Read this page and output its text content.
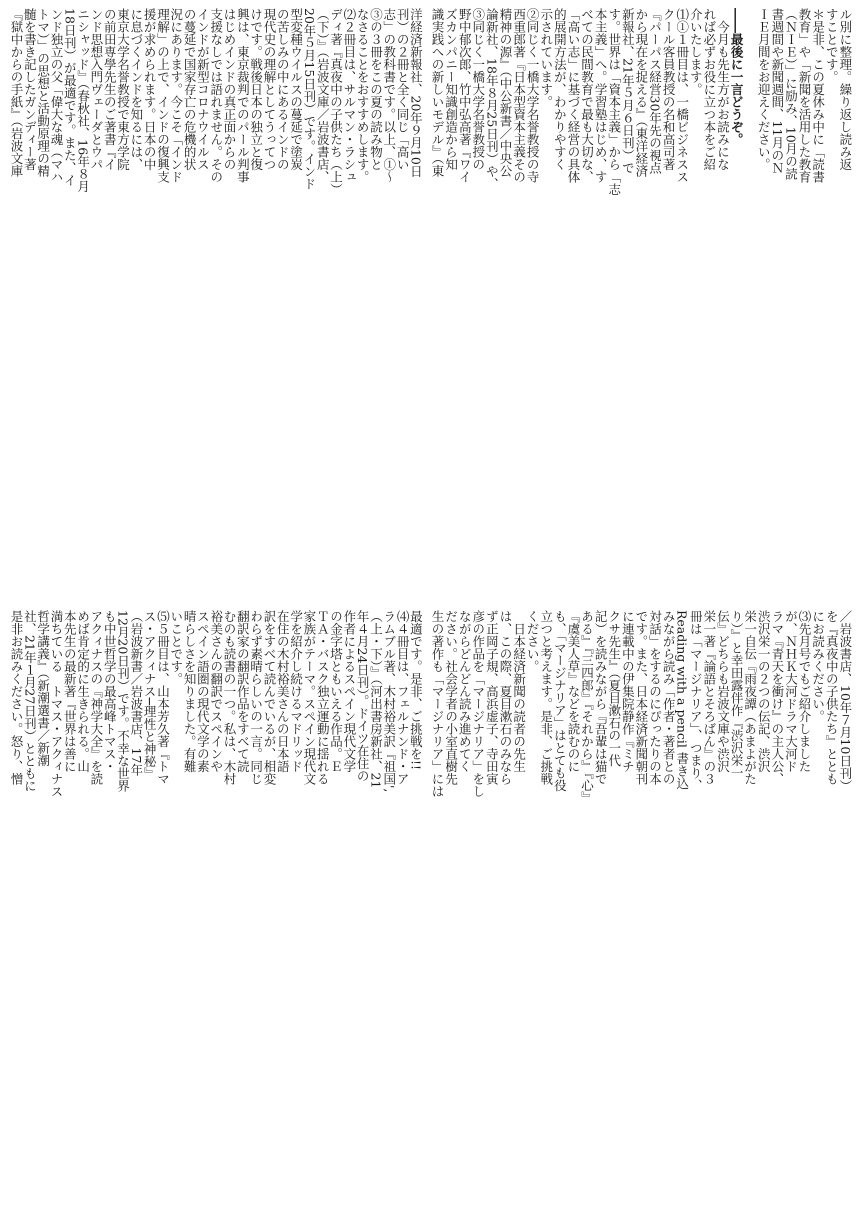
ル別に整理。繰り返し読み返
すことです。
＊是非、この夏休み中に「読書
教育」や「新聞を活用した教育
（ＮＩＥ）」に励み、10月の読
書週間や新聞週間、11月のＮ
ＩＥ月間をお迎えください。
――最後に一言どうぞ。
　今月も先生方がお読みにな
れば必ずお役に立つ本をご紹
介いたします。
⑴①１冊目は、一橋ビジネスス
クール客員教授の名和高司著
『パーパス経営30年先の視点
から現在を捉える』（東洋経済
新報社、21年５月６日刊）で
す。世界は「資本主義」から「志
本主義」へ。学習塾はじめ、す
べての民間教育で最も大切な、
「高い志」に基づく経営の具体
的展開方法が、わかりやすく
示されています。
②同じく一橋大学名誉教授の寺
西重郎著『日本型資本主義その
精神の源』（中公新書／中央公
論新社、18年８月25日刊）や、
③同じく一橋大学名誉教授の
野中郁次郎、竹中弘高著『ワイ
ズカンパニー知識創造から知
識実践への新しいモデル』（東
洋経済新報社、20年９月10日
刊）の２冊と全く同じ「高い
志」の教科書です。以上、①～
③の３冊をこの夏の読み物と
なさることをおすすめします。
⑵２冊目は、サルマン・ラシュ
ディ著『真夜中の子供たち（上）
（下）』（岩波文庫／岩波書店、
20年５月15日刊）です。インド
型変種ウイルスの蔓延で塗炭
の苦しみの中にあるインドの
現代史の理解としてうってつ
けです。戦後日本の独立と復
興は、東京裁判でのパール判事
はじめインドの真正面からの
支援なしでは語れません。その
インドが新型コロナウイルス
の蔓延で国家存亡の危機的状
況にあります。今こそ「インド
理解」の上で、インドの復興支
援が求められます。日本の中
に息づくインドを知るには、
東京大学名誉教授で東方学院
の前田専學先生のご著書『イ
ンド思想入門ヴェーダとウパ
ニシャッド』（春秋社、16年８月
18日刊）が最適です。また、イ
ンド独立の父「偉大な魂（マハ
トマ）」の思想と活動原理の精
髄を書き記したガンディー著
『獄中からの手紙』（岩波文庫
／岩波書店、10年７月10日刊）
を『真夜中の子供たち』ととも
にお読みください。
⑶先月号でもご紹介しました
が、ＮＨＫ大河ドラマ大河ド
ラマ『青天を衝け』の主人公、
渋沢栄一の２つの伝記、渋沢
栄一自伝『雨夜譚（あまよがた
り）』と幸田露伴作『渋沢栄一
伝』どちらも岩波文庫や渋沢
栄一著『論語とそろばん』の３
冊は「マージナリア」、つまり、
Reading with a pencil 書き込
みながら読み「作者・著者との
対話」をするのにぴったりの本
です。また、日本経済新聞朝刊
に連載中の伊集院静作『ミチ
クサ先生』（夏目漱石の一代
記）を読みながら『吾輩は猫で
ある』『三四郎』『それから』『心』
『虞美人草』などを読むのに
も、「マージナリア」はとても役
立つと考えます。是非、ご挑戦
ください。
　日本経済新聞の読者の先生
は、この際、夏目漱石のみなら
ず正岡子規、高浜虚子、寺田寅
彦の作品を「マージナリア」をし
ながらどんどん読み進めてく
ださい。社会学者の小室直樹先
生の著作も「マージナリア」には
最適です。是非、ご挑戦を!!
⑷４冊目は、フェルナンド・ア
ラムブル著、木村裕美訳『祖国',
（上・下）』（河出書房新社、21
年４月24日刊）。ドイツ在住の
作者によるスペイン現代文学
の金字塔ともいえる作品。Ｅ
ＴＡ・バスク独立運動に揺れる
家族がテーマ。スペイン現代文
学を紹介し続けるマドリッド
在住の木村裕美さんの日本語
訳をすべて読んでいるが、相変
わらず素晴らしいの一言。同じ
翻訳家の翻訳作品をすべて読
むのも読書の一つ。私は、木村
裕美さんの翻訳でスペインや
スペイン語圏の現代文学の素
晴らしさを知りました。有難
いことです。
⑸５冊目は、山本芳久著『トマ
ス・アクィナス─理性と神秘』
（岩波新書／岩波書店、17年
12月20日刊）です。不幸な世界
も中世哲学の最高峰トマス・
アクィナスの『神学大全』を読
めば肯定的に生きられる。山
本先生の最新著『世界は善に
満ちている　トマス・アクィナス
哲学講義』（新潮選書／新潮
社、21年１月27日刊）とともに
是非お読みください。怒り、憎
